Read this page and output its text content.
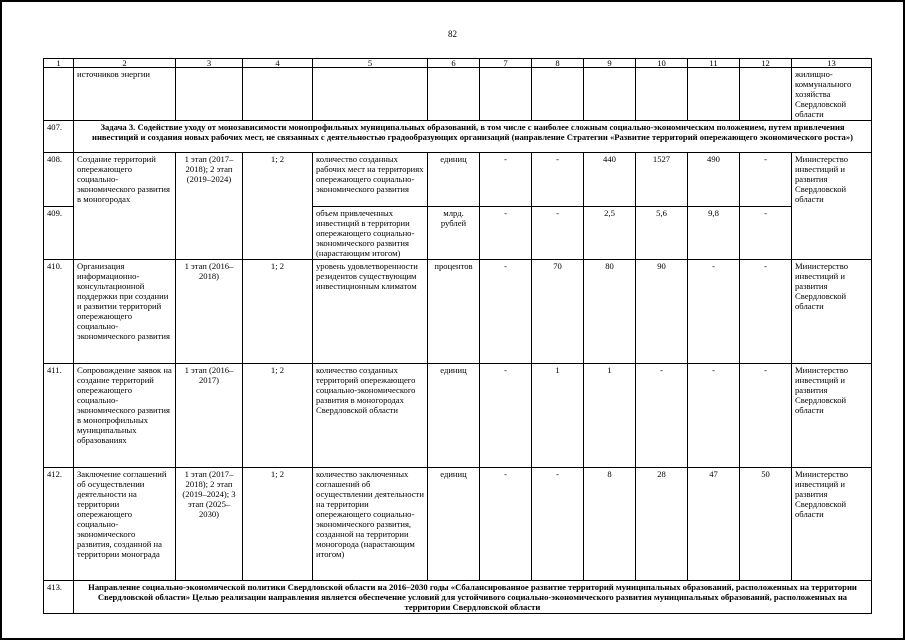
82
1	2	3	4	5	6	7	8	9	10	11	12	13
	источников энергии											жилищно-коммунального хозяйства Свердловской области
407.	Задача 3. Содействие уходу от монозависимости монопрофильных муниципальных образований, в том числе с наиболее сложным социально-экономическим положением, путем привлечения инвестиций и создания новых рабочих мест, не связанных с деятельностью градообразующих организаций (направление Стратегии «Развитие территорий опережающего экономического роста»)											
408.	Создание территорий опережающего социально-экономического развития в моногородах	1 этап (2017–2018); 2 этап (2019–2024)	1; 2	количество созданных рабочих мест на территориях опережающего социально-экономического развития	единиц	-	-	440	1527	490	-	Министерство инвестиций и развития Свердловской области
409.				объем привлеченных инвестиций в территории опережающего социально-экономического развития (нарастающим итогом)	млрд. рублей	-	-	2,5	5,6	9,8	-	
410.	Организация информационно-консультационной поддержки при создании и развитии территорий опережающего социально-экономического развития	1 этап (2016–2018)	1; 2	уровень удовлетворенности резидентов существующим инвестиционным климатом	процентов	-	70	80	90	-	-	Министерство инвестиций и развития Свердловской области
411.	Сопровождение заявок на создание территорий опережающего социально-экономического развития в монопрофильных муниципальных образованиях	1 этап (2016–2017)	1; 2	количество созданных территорий опережающего социально-экономического развития в моногородах Свердловской области	единиц	-	1	1	-	-	-	Министерство инвестиций и развития Свердловской области
412.	Заключение соглашений об осуществлении деятельности на территории опережающего социально-экономического развития, созданной на территории монограда	1 этап (2017–2018); 2 этап (2019–2024); 3 этап (2025–2030)	1; 2	количество заключенных соглашений об осуществлении деятельности на территории опережающего социально-экономического развития, созданной на территории моногорода (нарастающим итогом)	единиц	-	-	8	28	47	50	Министерство инвестиций и развития Свердловской области
413.	Направление социально-экономической политики Свердловской области на 2016–2030 годы «Сбалансированное развитие территорий муниципальных образований, расположенных на территории Свердловской области» Целью реализации направления является обеспечение условий для устойчивого социально-экономического развития муниципальных образований, расположенных на территории Свердловской области											
